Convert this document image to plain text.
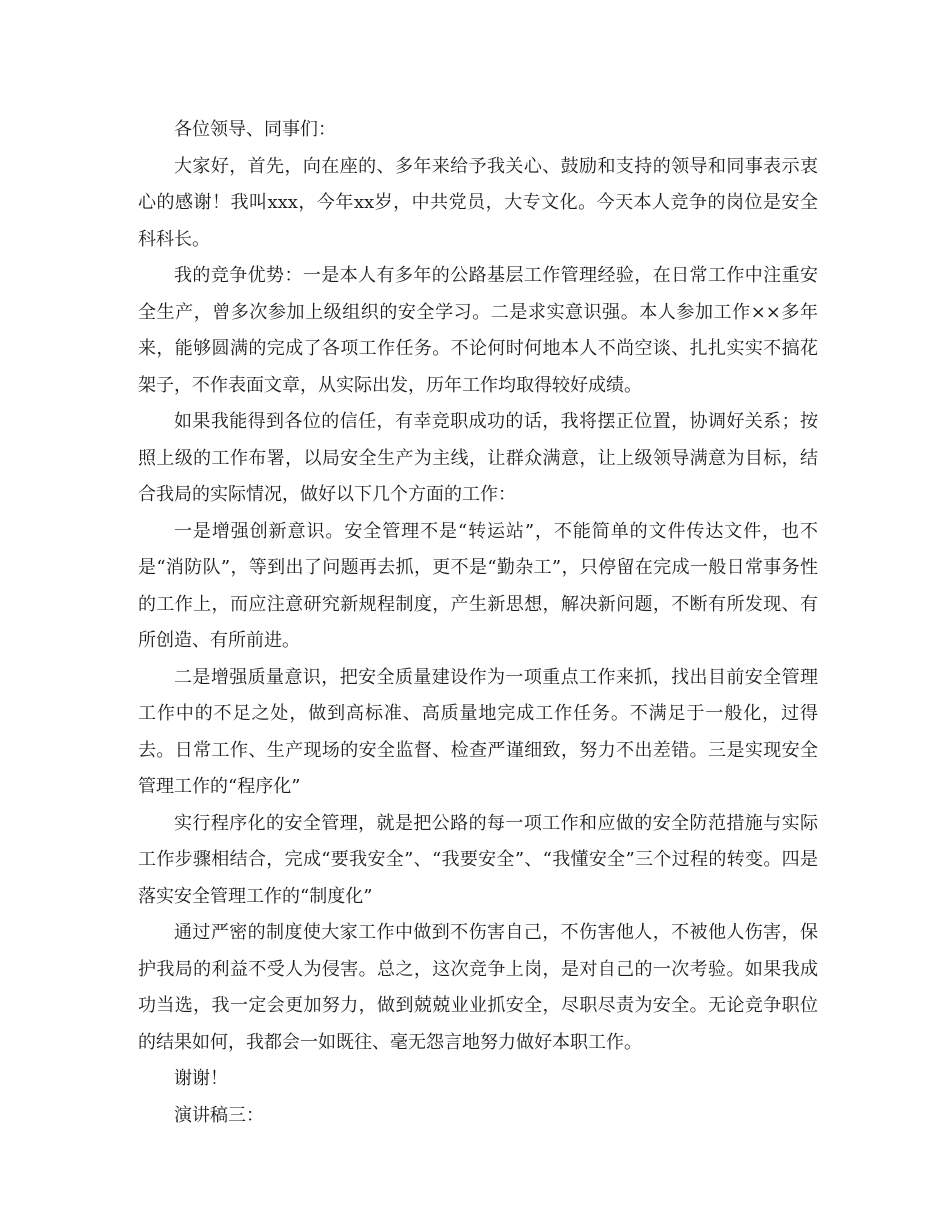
各位领导、同事们：

大家好，首先，向在座的、多年来给予我关心、鼓励和支持的领导和同事表示衷心的感谢！我叫xxx，今年xx岁，中共党员，大专文化。今天本人竞争的岗位是安全科科长。

我的竞争优势：一是本人有多年的公路基层工作管理经验，在日常工作中注重安全生产，曾多次参加上级组织的安全学习。二是求实意识强。本人参加工作××多年来，能够圆满的完成了各项工作任务。不论何时何地本人不尚空谈、扎扎实实不搞花架子，不作表面文章，从实际出发，历年工作均取得较好成绩。

如果我能得到各位的信任，有幸竞职成功的话，我将摆正位置，协调好关系；按照上级的工作布署，以局安全生产为主线，让群众满意，让上级领导满意为目标，结合我局的实际情况，做好以下几个方面的工作：

一是增强创新意识。安全管理不是“转运站”，不能简单的文件传达文件，也不是“消防队”，等到出了问题再去抓，更不是“勤杂工”，只停留在完成一般日常事务性的工作上，而应注意研究新规程制度，产生新思想，解决新问题，不断有所发现、有所创造、有所前进。

二是增强质量意识，把安全质量建设作为一项重点工作来抓，找出目前安全管理工作中的不足之处，做到高标准、高质量地完成工作任务。不满足于一般化，过得去。日常工作、生产现场的安全监督、检查严谨细致，努力不出差错。三是实现安全管理工作的“程序化”

实行程序化的安全管理，就是把公路的每一项工作和应做的安全防范措施与实际工作步骤相结合，完成“要我安全”、“我要安全”、“我懂安全”三个过程的转变。四是落实安全管理工作的“制度化”

通过严密的制度使大家工作中做到不伤害自己，不伤害他人，不被他人伤害，保护我局的利益不受人为侵害。总之，这次竞争上岗，是对自己的一次考验。如果我成功当选，我一定会更加努力，做到兢兢业业抓安全，尽职尽责为安全。无论竞争职位的结果如何，我都会一如既往、毫无怨言地努力做好本职工作。

谢谢！

演讲稿三：
